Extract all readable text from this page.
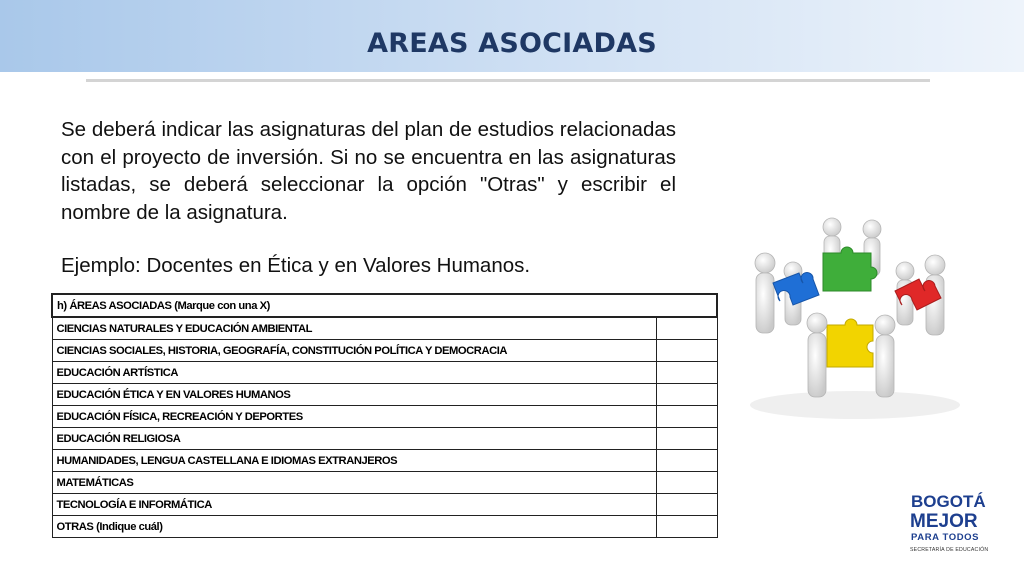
AREAS ASOCIADAS
Se deberá indicar las asignaturas del plan de estudios relacionadas con el proyecto de inversión. Si no se encuentra en las asignaturas listadas, se deberá seleccionar la opción "Otras" y escribir el nombre de la asignatura.
Ejemplo: Docentes en Ética y en Valores Humanos.
h) ÁREAS ASOCIADAS (Marque con una X)	
CIENCIAS NATURALES Y EDUCACIÓN AMBIENTAL	
CIENCIAS SOCIALES, HISTORIA, GEOGRAFÍA, CONSTITUCIÓN POLÍTICA Y DEMOCRACIA	
EDUCACIÓN ARTÍSTICA	
EDUCACIÓN ÉTICA Y EN VALORES HUMANOS	
EDUCACIÓN FÍSICA, RECREACIÓN Y DEPORTES	
EDUCACIÓN RELIGIOSA	
HUMANIDADES, LENGUA CASTELLANA E IDIOMAS EXTRANJEROS	
MATEMÁTICAS	
TECNOLOGÍA E INFORMÁTICA	
OTRAS (Indique cuál)	
BOGOTÁ
MEJOR
PARA TODOS
SECRETARÍA DE EDUCACIÓN
